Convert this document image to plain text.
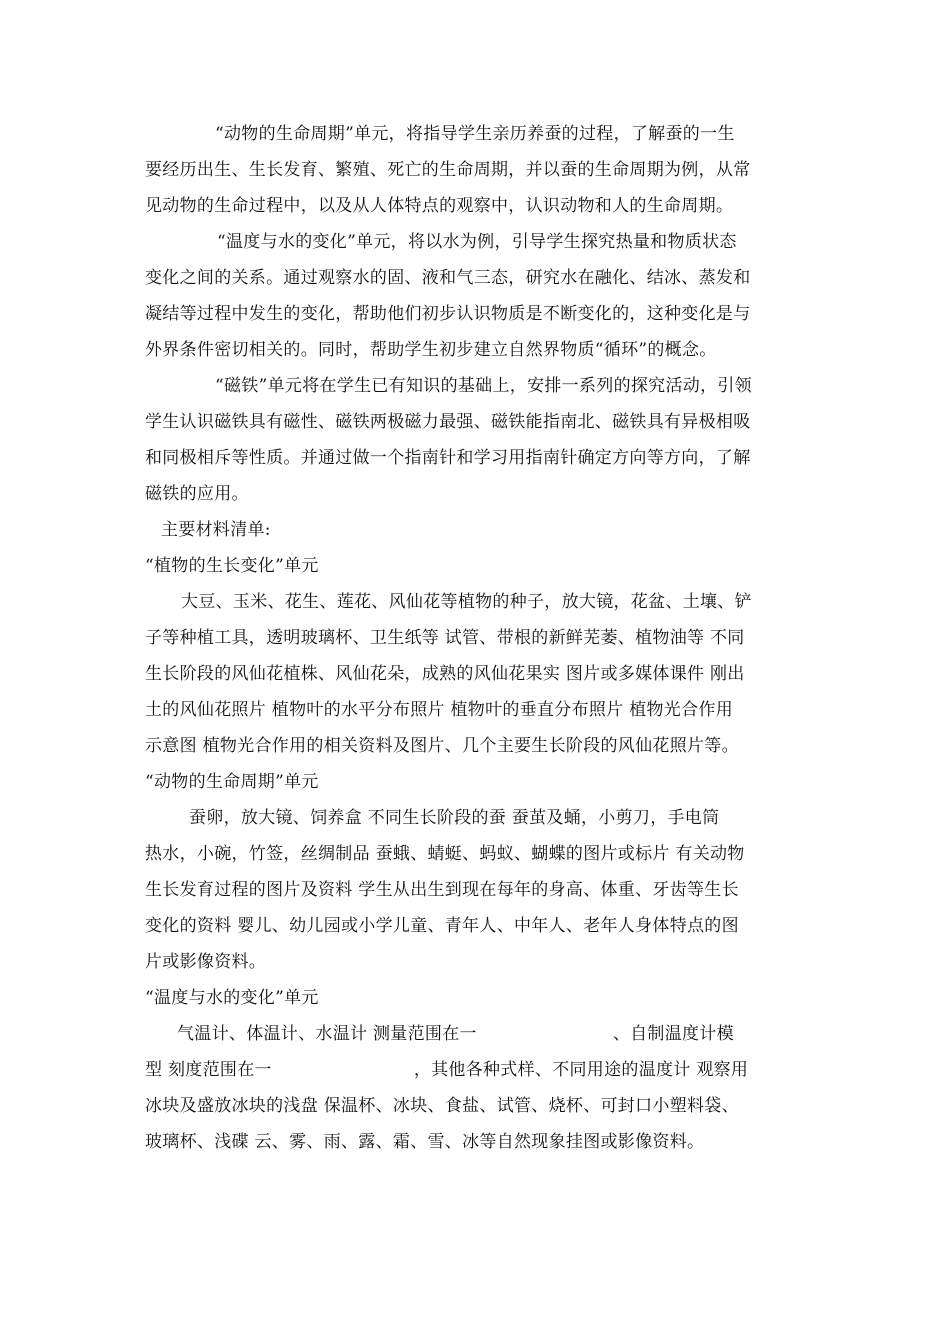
“动物的生命周期”单元，将指导学生亲历养蚕的过程，了解蚕的一生
要经历出生、生长发育、繁殖、死亡的生命周期，并以蚕的生命周期为例，从常
见动物的生命过程中，以及从人体特点的观察中，认识动物和人的生命周期。
“温度与水的变化”单元，将以水为例，引导学生探究热量和物质状态
变化之间的关系。通过观察水的固、液和气三态，研究水在融化、结冰、蒸发和
凝结等过程中发生的变化，帮助他们初步认识物质是不断变化的，这种变化是与
外界条件密切相关的。同时，帮助学生初步建立自然界物质“循环”的概念。
“磁铁”单元将在学生已有知识的基础上，安排一系列的探究活动，引领
学生认识磁铁具有磁性、磁铁两极磁力最强、磁铁能指南北、磁铁具有异极相吸
和同极相斥等性质。并通过做一个指南针和学习用指南针确定方向等方向，了解
磁铁的应用。
主要材料清单:
“植物的生长变化”单元
大豆、玉米、花生、莲花、风仙花等植物的种子，放大镜，花盆、土壤、铲
子等种植工具，透明玻璃杯、卫生纸等 试管、带根的新鲜芜萎、植物油等 不同
生长阶段的风仙花植株、风仙花朵，成熟的风仙花果实 图片或多媒体课件 刚出
土的风仙花照片 植物叶的水平分布照片 植物叶的垂直分布照片 植物光合作用
示意图 植物光合作用的相关资料及图片、几个主要生长阶段的风仙花照片等。
“动物的生命周期”单元
蚕卵，放大镜、饲养盒 不同生长阶段的蚕 蚕茧及蛹，小剪刀，手电筒
热水，小碗，竹签，丝绸制品 蚕蛾、蜻蜓、蚂蚁、蝴蝶的图片或标片 有关动物
生长发育过程的图片及资料 学生从出生到现在每年的身高、体重、牙齿等生长
变化的资料 婴儿、幼儿园或小学儿童、青年人、中年人、老年人身体特点的图
片或影像资料。
“温度与水的变化”单元
气温计、体温计、水温计 测量范围在一	、自制温度计模
型 刻度范围在一	，其他各种式样、不同用途的温度计 观察用
冰块及盛放冰块的浅盘 保温杯、冰块、食盐、试管、烧杯、可封口小塑料袋、
玻璃杯、浅碟 云、雾、雨、露、霜、雪、冰等自然现象挂图或影像资料。
